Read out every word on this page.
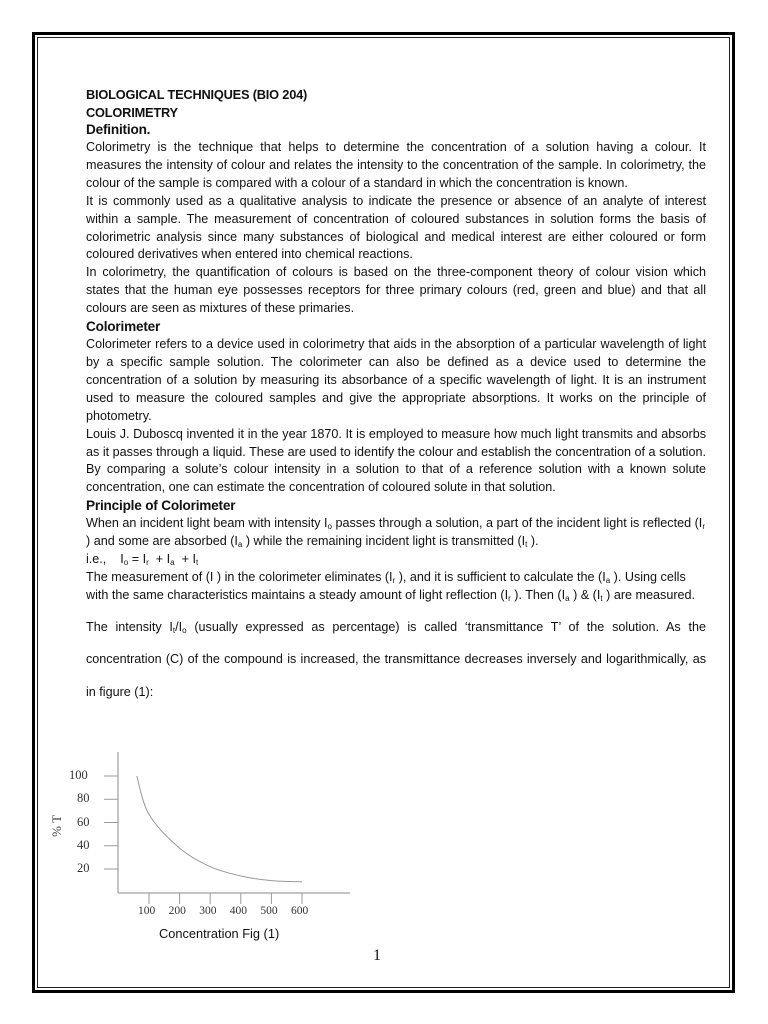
BIOLOGICAL TECHNIQUES (BIO 204)
COLORIMETRY
Definition.

Colorimetry is the technique that helps to determine the concentration of a solution having a colour. It measures the intensity of colour and relates the intensity to the concentration of the sample. In colorimetry, the colour of the sample is compared with a colour of a standard in which the concentration is known.

It is commonly used as a qualitative analysis to indicate the presence or absence of an analyte of interest within a sample. The measurement of concentration of coloured substances in solution forms the basis of colorimetric analysis since many substances of biological and medical interest are either coloured or form coloured derivatives when entered into chemical reactions.

In colorimetry, the quantification of colours is based on the three-component theory of colour vision which states that the human eye possesses receptors for three primary colours (red, green and blue) and that all colours are seen as mixtures of these primaries.

Colorimeter

Colorimeter refers to a device used in colorimetry that aids in the absorption of a particular wavelength of light by a specific sample solution. The colorimeter can also be defined as a device used to determine the concentration of a solution by measuring its absorbance of a specific wavelength of light. It is an instrument used to measure the coloured samples and give the appropriate absorptions. It works on the principle of photometry.

Louis J. Duboscq invented it in the year 1870. It is employed to measure how much light transmits and absorbs as it passes through a liquid. These are used to identify the colour and establish the concentration of a solution. By comparing a solute’s colour intensity in a solution to that of a reference solution with a known solute concentration, one can estimate the concentration of coloured solute in that solution.

Principle of Colorimeter

When an incident light beam with intensity $I_o$ passes through a solution, a part of the incident light is reflected ($I_r$ ) and some are absorbed ($I_a$ ) while the remaining incident light is transmitted ($I_t$ ).

i.e.,    $I_o = I_r + I_a + I_t$

The measurement of (I ) in the colorimeter eliminates ($I_r$ ), and it is sufficient to calculate the ($I_a$ ). Using cells with the same characteristics maintains a steady amount of light reflection ($I_r$ ). Then ($I_a$ ) & ($I_t$ ) are measured.

The intensity $I_t/I_o$ (usually expressed as percentage) is called ‘transmittance T’ of the solution. As the concentration (C) of the compound is increased, the transmittance decreases inversely and logarithmically, as in figure (1):

100
80
60
40
20
100 200 300 400 500 600
% T
Concentration Fig (1)
1
